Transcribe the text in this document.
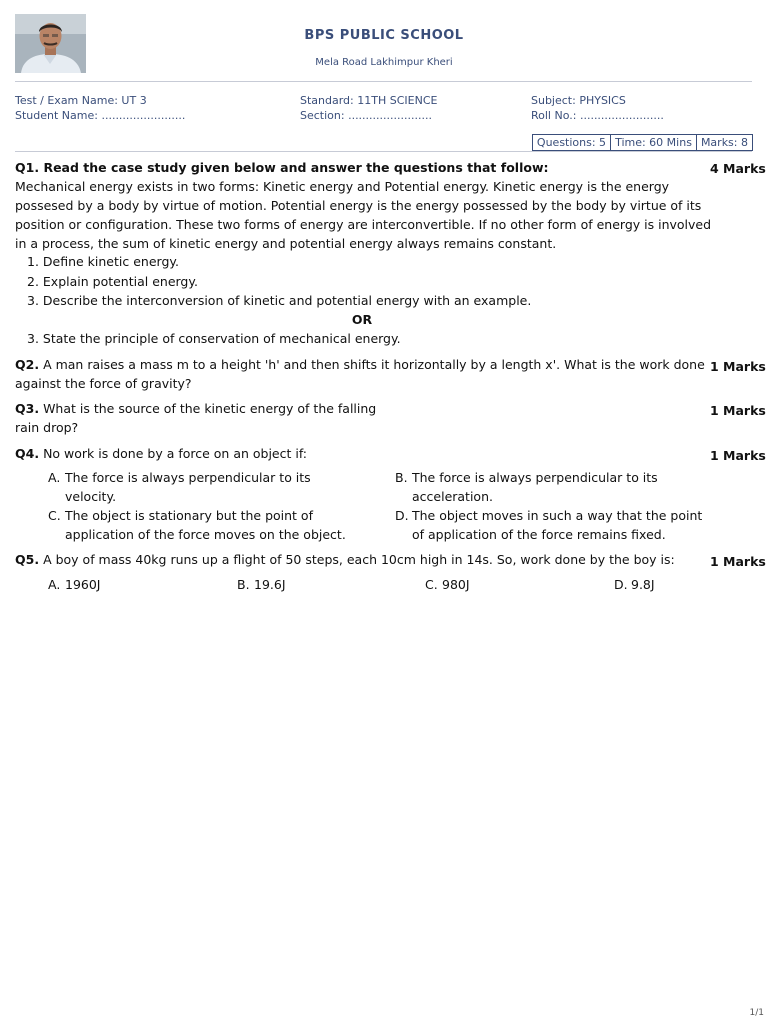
BPS PUBLIC SCHOOL
Mela Road Lakhimpur Kheri
Test / Exam Name: UT 3
Student Name: ........................
Standard: 11TH SCIENCE
Section: ........................
Subject: PHYSICS
Roll No.: ........................
Questions: 5 Time: 60 Mins Marks: 8
Q1. Read the case study given below and answer the questions that follow:	4 Marks
Mechanical energy exists in two forms: Kinetic energy and Potential energy. Kinetic energy is the energy possesed by a body by virtue of motion. Potential energy is the energy possessed by the body by virtue of its position or configuration. These two forms of energy are interconvertible. If no other form of energy is involved in a process, the sum of kinetic energy and potential energy always remains constant.
1. Define kinetic energy.
2. Explain potential energy.
3. Describe the interconversion of kinetic and potential energy with an example.
OR
3. State the principle of conservation of mechanical energy.
Q2. A man raises a mass m to a height 'h' and then shifts it horizontally by a length x'. What is the work done against the force of gravity?
1 Marks
Q3. What is the source of the kinetic energy of the falling rain drop?
1 Marks
Q4. No work is done by a force on an object if:	1 Marks
A. The force is always perpendicular to its velocity.
B. The force is always perpendicular to its acceleration.
C. The object is stationary but the point of application of the force moves on the object.
D. The object moves in such a way that the point of application of the force remains fixed.
Q5. A boy of mass 40kg runs up a flight of 50 steps, each 10cm high in 14s. So, work done by the boy is:	1 Marks
A. 1960J	B. 19.6J	C. 980J	D. 9.8J
1/1
